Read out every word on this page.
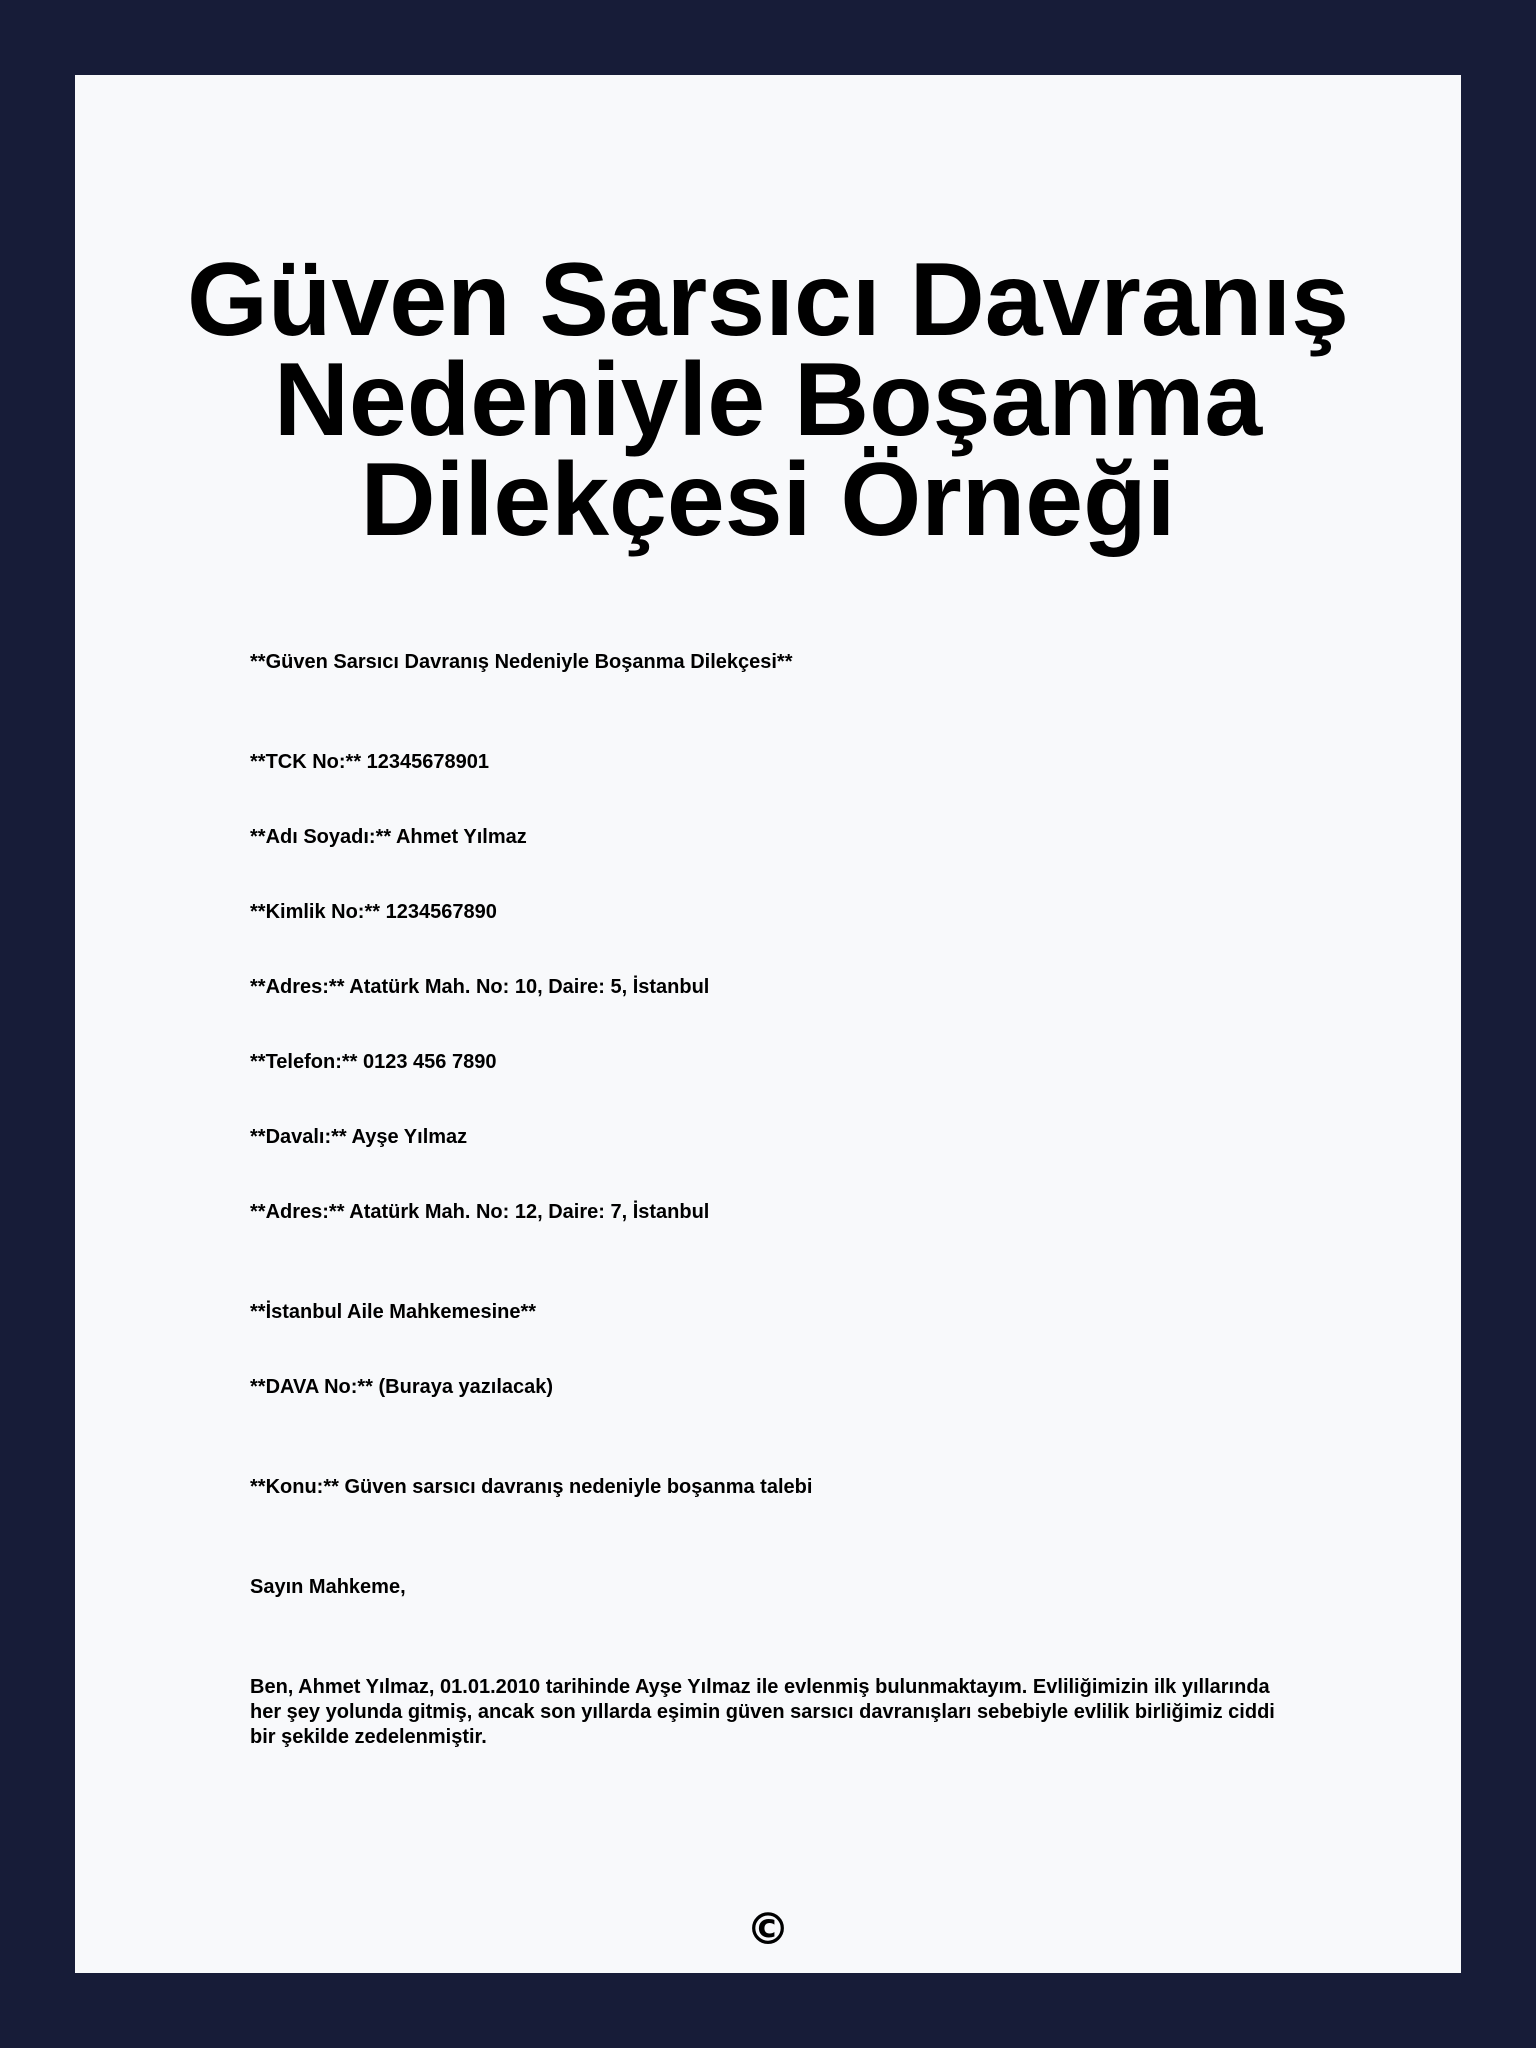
Güven Sarsıcı Davranış Nedeniyle Boşanma Dilekçesi Örneği

**Güven Sarsıcı Davranış Nedeniyle Boşanma Dilekçesi**

**TCK No:** 12345678901

**Adı Soyadı:** Ahmet Yılmaz

**Kimlik No:** 1234567890

**Adres:** Atatürk Mah. No: 10, Daire: 5, İstanbul

**Telefon:** 0123 456 7890

**Davalı:** Ayşe Yılmaz

**Adres:** Atatürk Mah. No: 12, Daire: 7, İstanbul

**İstanbul Aile Mahkemesine**

**DAVA No:** (Buraya yazılacak)

**Konu:** Güven sarsıcı davranış nedeniyle boşanma talebi

Sayın Mahkeme,

Ben, Ahmet Yılmaz, 01.01.2010 tarihinde Ayşe Yılmaz ile evlenmiş bulunmaktayım. Evliliğimizin ilk yıllarında her şey yolunda gitmiş, ancak son yıllarda eşimin güven sarsıcı davranışları sebebiyle evlilik birliğimiz ciddi bir şekilde zedelenmiştir.

©
